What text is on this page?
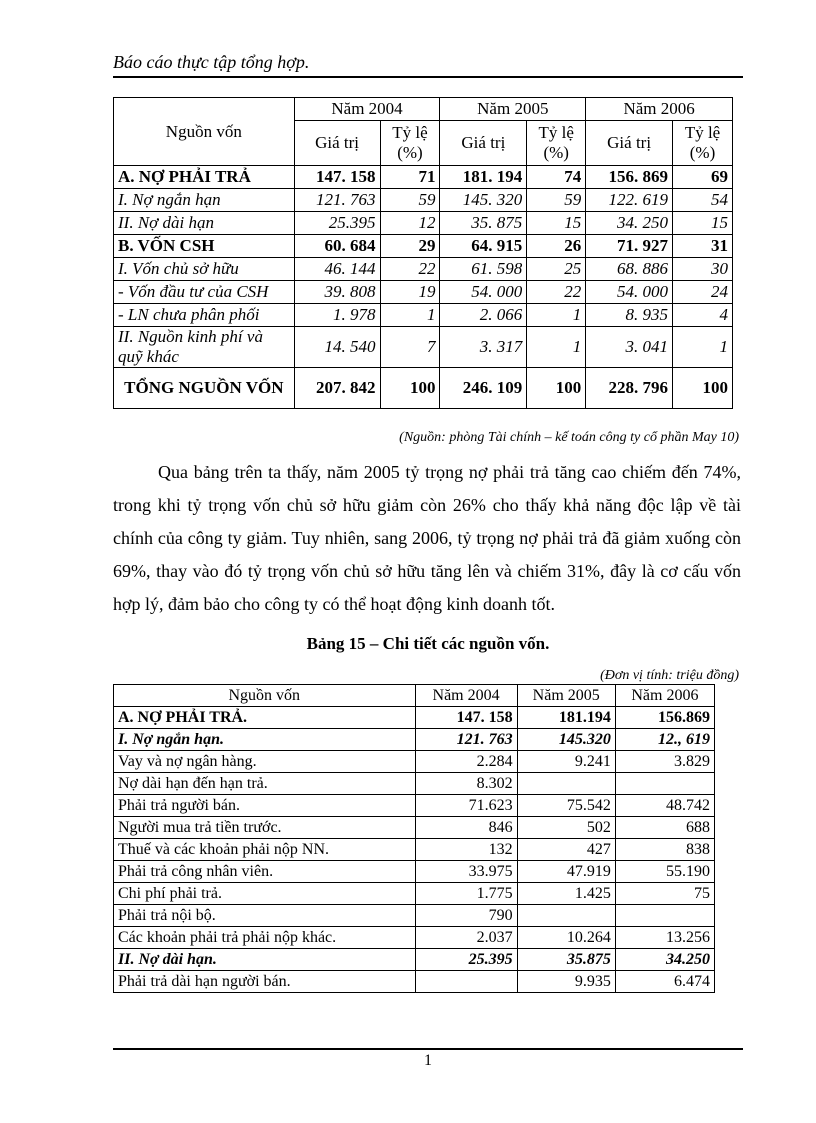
Báo cáo thực tập tổng hợp.
Nguồn vốn	Năm 2004		Năm 2005		Năm 2006	
	Giá trị	Tỷ lệ (%)	Giá trị	Tỷ lệ (%)	Giá trị	Tỷ lệ (%)
A. NỢ PHẢI TRẢ	147. 158	71	181. 194	74	156. 869	69
I. Nợ ngắn hạn	121. 763	59	145. 320	59	122. 619	54
II. Nợ dài hạn	25.395	12	35. 875	15	34. 250	15
B. VỐN CSH	60. 684	29	64. 915	26	71. 927	31
I. Vốn chủ sở hữu	46. 144	22	61. 598	25	68. 886	30
- Vốn đầu tư của CSH	39. 808	19	54. 000	22	54. 000	24
- LN chưa phân phối	1. 978	1	2. 066	1	8. 935	4
II. Nguồn kinh phí và quỹ khác	14. 540	7	3. 317	1	3. 041	1
TỔNG NGUỒN VỐN	207. 842	100	246. 109	100	228. 796	100
(Nguồn: phòng Tài chính – kế toán công ty cổ phần May 10)

Qua bảng trên ta thấy, năm 2005 tỷ trọng nợ phải trả tăng cao chiếm đến 74%, trong khi tỷ trọng vốn chủ sở hữu giảm còn 26% cho thấy khả năng độc lập về tài chính của công ty giảm. Tuy nhiên, sang 2006, tỷ trọng nợ phải trả đã giảm xuống còn 69%, thay vào đó tỷ trọng vốn chủ sở hữu tăng lên và chiếm 31%, đây là cơ cấu vốn hợp lý, đảm bảo cho công ty có thể hoạt động kinh doanh tốt.

Bảng 15 – Chi tiết các nguồn vốn.
(Đơn vị tính: triệu đồng)
Nguồn vốn	Năm 2004	Năm 2005	Năm 2006
A. NỢ PHẢI TRẢ.	147. 158	181.194	156.869
I. Nợ ngắn hạn.	121. 763	145.320	12., 619
Vay và nợ ngân hàng.	2.284	9.241	3.829
Nợ dài hạn đến hạn trả.	8.302		
Phải trả người bán.	71.623	75.542	48.742
Người mua trả tiền trước.	846	502	688
Thuế và các khoản phải nộp NN.	132	427	838
Phải trả công nhân viên.	33.975	47.919	55.190
Chi phí phải trả.	1.775	1.425	75
Phải trả nội bộ.	790		
Các khoản phải trả phải nộp khác.	2.037	10.264	13.256
II. Nợ dài hạn.	25.395	35.875	34.250
Phải trả dài hạn người bán.		9.935	6.474
1
